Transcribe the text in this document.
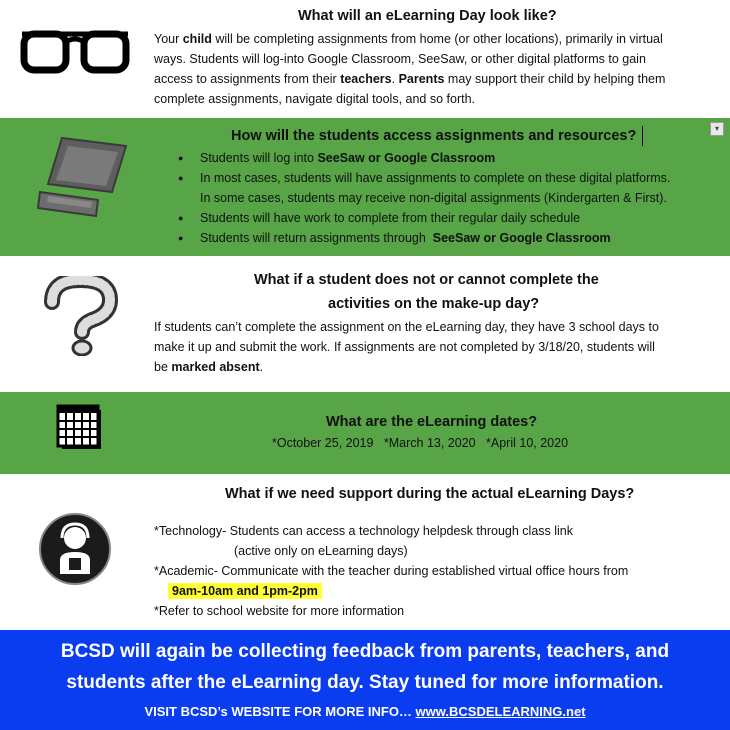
What will an eLearning Day look like?
Your child will be completing assignments from home (or other locations), primarily in virtual
ways. Students will log-into Google Classroom, SeeSaw, or other digital platforms to gain
access to assignments from their teachers. Parents may support their child by helping them
complete assignments, navigate digital tools, and so forth.
How will the students access assignments and resources?	▾
● Students will log into SeeSaw or Google Classroom
● In most cases, students will have assignments to complete on these digital platforms.
In some cases, students may receive non-digital assignments (Kindergarten & First).
● Students will have work to complete from their regular daily schedule
● Students will return assignments through  SeeSaw or Google Classroom
What if a student does not or cannot complete the
activities on the make-up day?
If students can’t complete the assignment on the eLearning day, they have 3 school days to
make it up and submit the work. If assignments are not completed by 3/18/20, students will
be marked absent.
What are the eLearning dates?
*October 25, 2019   *March 13, 2020   *April 10, 2020
What if we need support during the actual eLearning Days?
*Technology- Students can access a technology helpdesk through class link
(active only on eLearning days)
*Academic- Communicate with the teacher during established virtual office hours from
9am-10am and 1pm-2pm
*Refer to school website for more information
BCSD will again be collecting feedback from parents, teachers, and
students after the eLearning day. Stay tuned for more information.
VISIT BCSD’s WEBSITE FOR MORE INFO… www.BCSDELEARNING.net
